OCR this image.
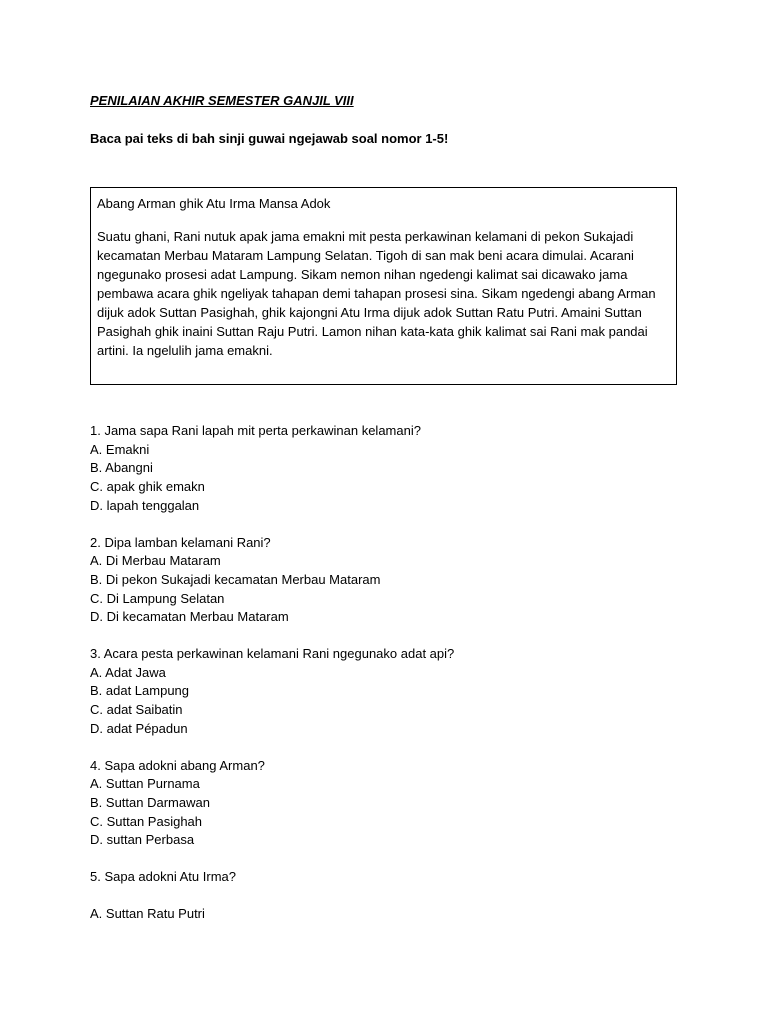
PENILAIAN AKHIR SEMESTER GANJIL VIII

Baca pai teks di bah sinji guwai ngejawab soal nomor 1-5!

Abang Arman ghik Atu Irma Mansa Adok

Suatu ghani, Rani nutuk apak jama emakni mit pesta perkawinan kelamani di pekon Sukajadi kecamatan Merbau Mataram Lampung Selatan. Tigoh di san mak beni acara dimulai. Acarani ngegunako prosesi adat Lampung. Sikam nemon nihan ngedengi kalimat sai dicawako jama pembawa acara ghik ngeliyak tahapan demi tahapan prosesi sina. Sikam ngedengi abang Arman dijuk adok Suttan Pasighah, ghik kajongni Atu Irma dijuk adok Suttan Ratu Putri. Amaini Suttan Pasighah ghik inaini Suttan Raju Putri. Lamon nihan kata-kata ghik kalimat sai Rani mak pandai artini. Ia ngelulih jama emakni.

1. Jama sapa Rani lapah mit perta perkawinan kelamani?

A. Emakni

B. Abangni

C. apak ghik emakn

D. lapah tenggalan

2. Dipa lamban kelamani Rani?

A. Di Merbau Mataram

B. Di pekon Sukajadi kecamatan Merbau Mataram

C. Di Lampung Selatan

D. Di kecamatan Merbau Mataram

3. Acara pesta perkawinan kelamani Rani ngegunako adat api?

A. Adat Jawa

B. adat Lampung

C. adat Saibatin

D. adat Pépadun

4. Sapa adokni abang Arman?

A. Suttan Purnama

B. Suttan Darmawan

C. Suttan Pasighah

D. suttan Perbasa

5. Sapa adokni Atu Irma?

A. Suttan Ratu Putri
